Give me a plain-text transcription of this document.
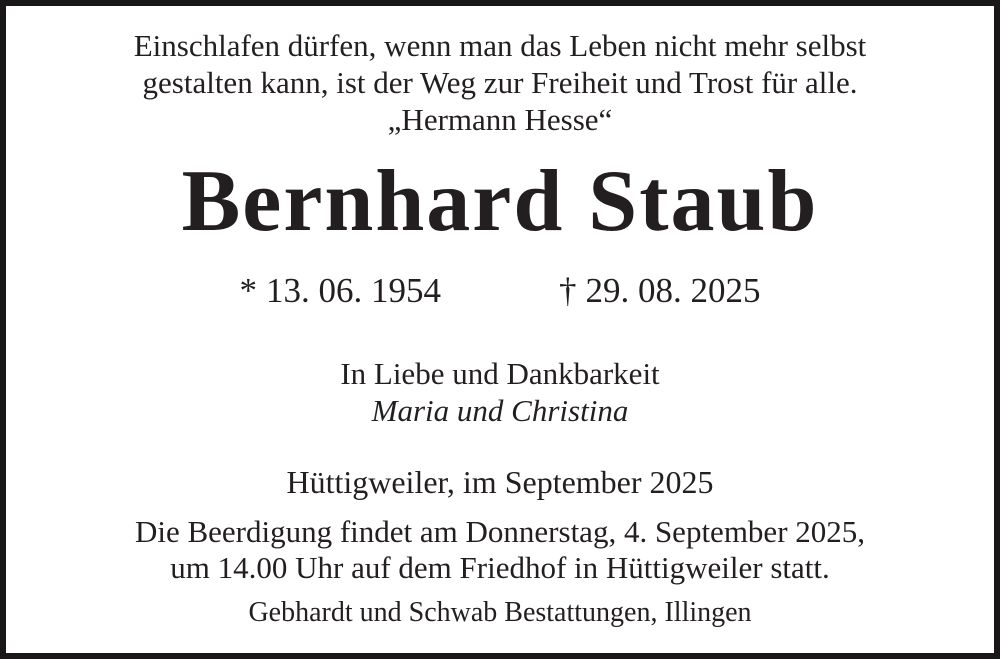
Einschlafen dürfen, wenn man das Leben nicht mehr selbst
gestalten kann, ist der Weg zur Freiheit und Trost für alle.
„Hermann Hesse“
Bernhard Staub
* 13. 06. 1954	† 29. 08. 2025
In Liebe und Dankbarkeit
Maria und Christina
Hüttigweiler, im September 2025
Die Beerdigung findet am Donnerstag, 4. September 2025,
um 14.00 Uhr auf dem Friedhof in Hüttigweiler statt.
Gebhardt und Schwab Bestattungen, Illingen
